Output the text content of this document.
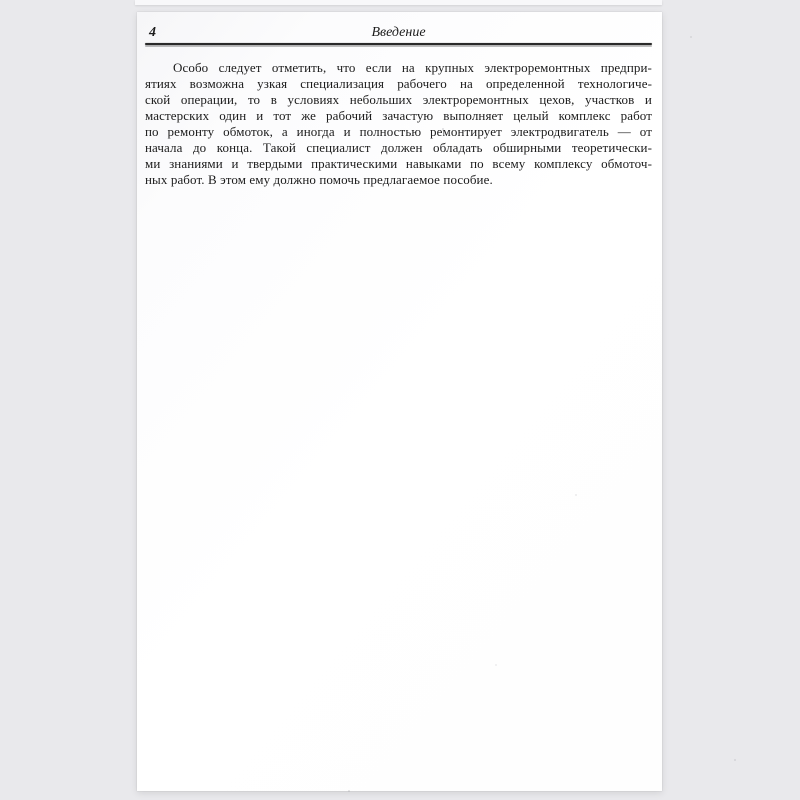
4	Введение
Особо следует отметить, что если на крупных электроремонтных предпри-
ятиях возможна узкая специализация рабочего на определенной технологиче-
ской операции, то в условиях небольших электроремонтных цехов, участков и
мастерских один и тот же рабочий зачастую выполняет целый комплекс работ
по ремонту обмоток, а иногда и полностью ремонтирует электродвигатель — от
начала до конца. Такой специалист должен обладать обширными теоретически-
ми знаниями и твердыми практическими навыками по всему комплексу обмоточ-
ных работ. В этом ему должно помочь предлагаемое пособие.
